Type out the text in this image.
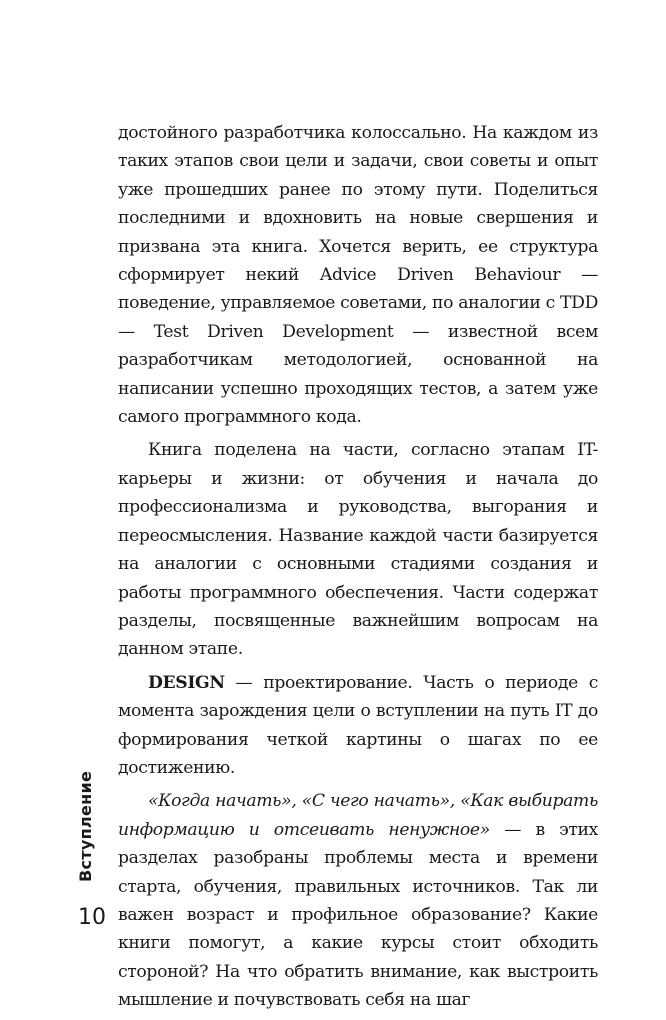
достойного разработчика колоссально. На каждом из таких этапов свои цели и задачи, свои советы и опыт уже прошедших ранее по этому пути. Поделиться последними и вдохновить на новые свершения и призвана эта книга. Хочется верить, ее структура сформирует некий Advice Driven Behaviour — поведение, управляемое советами, по аналогии с TDD — Test Driven Development — известной всем разработчикам методологией, основанной на написании успешно проходящих тестов, а затем уже самого программного кода.

Книга поделена на части, согласно этапам IT-карьеры и жизни: от обучения и начала до профессионализма и руководства, выгорания и переосмысления. Название каждой части базируется на аналогии с основными стадиями создания и работы программного обеспечения. Части содержат разделы, посвященные важнейшим вопросам на данном этапе.

DESIGN — проектирование. Часть о периоде с момента зарождения цели о вступлении на путь IT до формирования четкой картины о шагах по ее достижению.

«Когда начать», «С чего начать», «Как выбирать информацию и отсеивать ненужное» — в этих разделах разобраны проблемы места и времени старта, обучения, правильных источников. Так ли важен возраст и профильное образование? Какие книги помогут, а какие курсы стоит обходить стороной? На что обратить внимание, как выстроить мышление и почувствовать себя на шаг

Вступление
10
